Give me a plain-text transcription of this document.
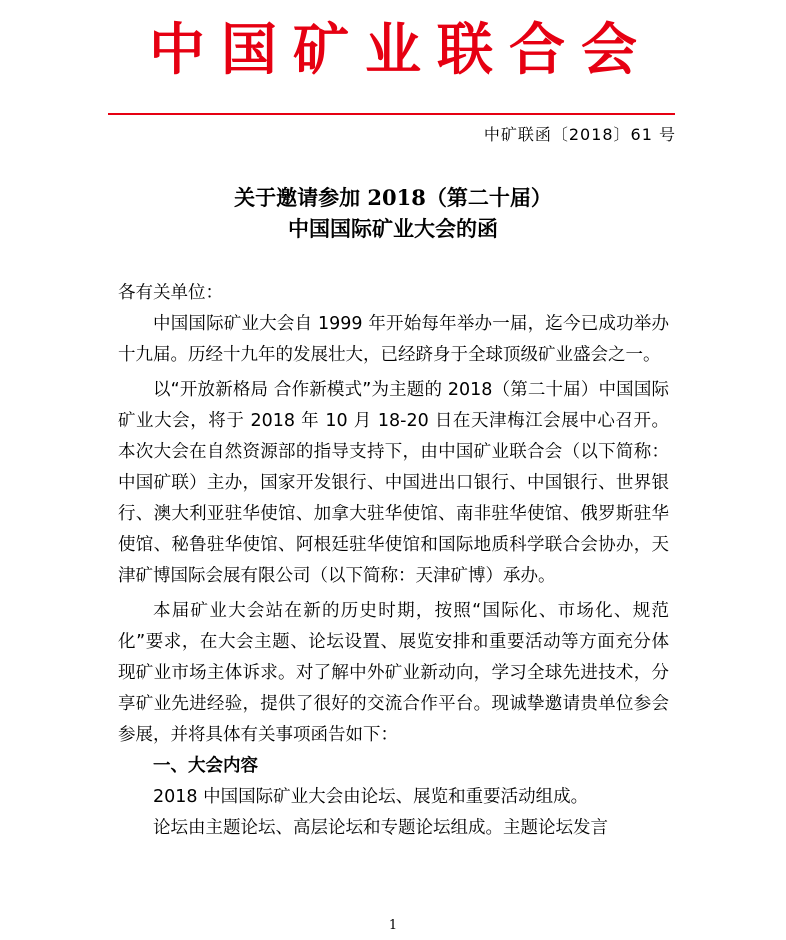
中国矿业联合会
中矿联函〔2018〕61 号
关于邀请参加 2018（第二十届）
中国国际矿业大会的函

各有关单位：

中国国际矿业大会自 1999 年开始每年举办一届，迄今已成功举办十九届。历经十九年的发展壮大，已经跻身于全球顶级矿业盛会之一。

以“开放新格局 合作新模式”为主题的 2018（第二十届）中国国际矿业大会，将于 2018 年 10 月 18-20 日在天津梅江会展中心召开。本次大会在自然资源部的指导支持下，由中国矿业联合会（以下简称：中国矿联）主办，国家开发银行、中国进出口银行、中国银行、世界银行、澳大利亚驻华使馆、加拿大驻华使馆、南非驻华使馆、俄罗斯驻华使馆、秘鲁驻华使馆、阿根廷驻华使馆和国际地质科学联合会协办，天津矿博国际会展有限公司（以下简称：天津矿博）承办。

本届矿业大会站在新的历史时期，按照“国际化、市场化、规范化”要求，在大会主题、论坛设置、展览安排和重要活动等方面充分体现矿业市场主体诉求。对了解中外矿业新动向，学习全球先进技术，分享矿业先进经验，提供了很好的交流合作平台。现诚挚邀请贵单位参会参展，并将具体有关事项函告如下：

一、大会内容

2018 中国国际矿业大会由论坛、展览和重要活动组成。

论坛由主题论坛、高层论坛和专题论坛组成。主题论坛发言

1
